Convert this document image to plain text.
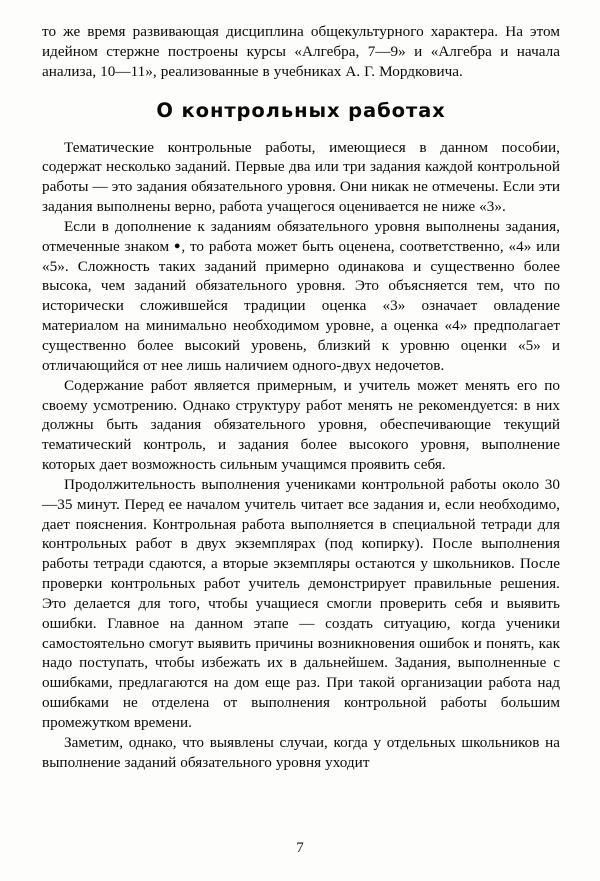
то же время развивающая дисциплина общекультурного характера. На этом идейном стержне построены курсы «Алгебра, 7—9» и «Алгебра и начала анализа, 10—11», реализованные в учебниках А. Г. Мордковича.

О контрольных работах

Тематические контрольные работы, имеющиеся в данном пособии, содержат несколько заданий. Первые два или три задания каждой контрольной работы — это задания обязательного уровня. Они никак не отмечены. Если эти задания выполнены верно, работа учащегося оценивается не ниже «3».

Если в дополнение к заданиям обязательного уровня выполнены задания, отмеченные знаком ●, то работа может быть оценена, соответственно, «4» или «5». Сложность таких заданий примерно одинакова и существенно более высока, чем заданий обязательного уровня. Это объясняется тем, что по исторически сложившейся традиции оценка «3» означает овладение материалом на минимально необходимом уровне, а оценка «4» предполагает существенно более высокий уровень, близкий к уровню оценки «5» и отличающийся от нее лишь наличием одного-двух недочетов.

Содержание работ является примерным, и учитель может менять его по своему усмотрению. Однако структуру работ менять не рекомендуется: в них должны быть задания обязательного уровня, обеспечивающие текущий тематический контроль, и задания более высокого уровня, выполнение которых дает возможность сильным учащимся проявить себя.

Продолжительность выполнения учениками контрольной работы около 30—35 минут. Перед ее началом учитель читает все задания и, если необходимо, дает пояснения. Контрольная работа выполняется в специальной тетради для контрольных работ в двух экземплярах (под копирку). После выполнения работы тетради сдаются, а вторые экземпляры остаются у школьников. После проверки контрольных работ учитель демонстрирует правильные решения. Это делается для того, чтобы учащиеся смогли проверить себя и выявить ошибки. Главное на данном этапе — создать ситуацию, когда ученики самостоятельно смогут выявить причины возникновения ошибок и понять, как надо поступать, чтобы избежать их в дальнейшем. Задания, выполненные с ошибками, предлагаются на дом еще раз. При такой организации работа над ошибками не отделена от выполнения контрольной работы большим промежутком времени.

Заметим, однако, что выявлены случаи, когда у отдельных школьников на выполнение заданий обязательного уровня уходит

7
